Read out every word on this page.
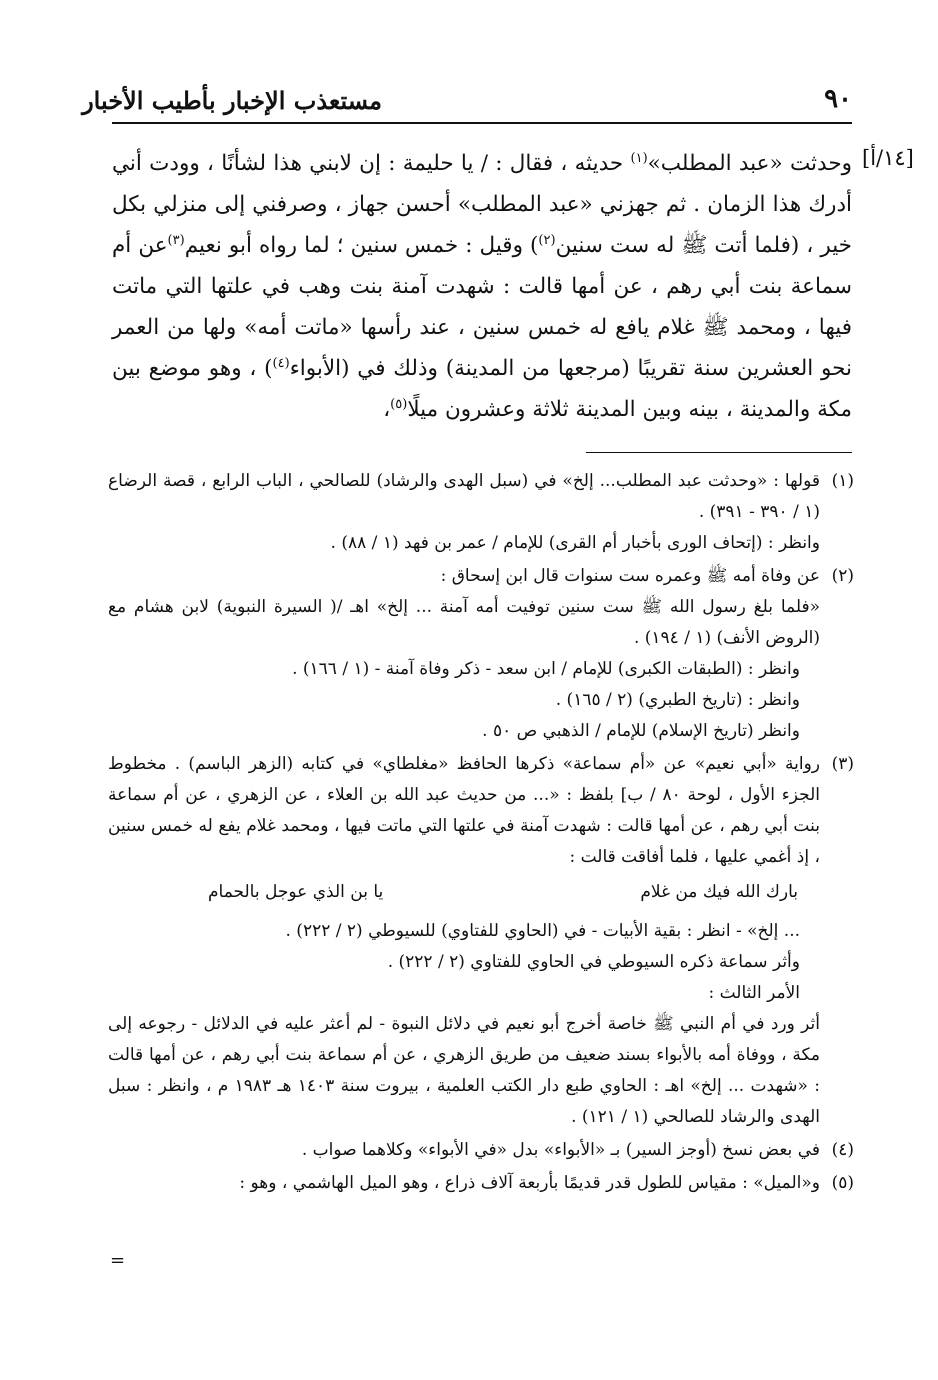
٩٠
مستعذب الإخبار بأطيب الأخبار
[١٤/أ]

وحدثت «عبد المطلب»$^{(١)}$ حديثه ، فقال : / يا حليمة : إن لابني هذا لشأنًا ، وودت أني أدرك هذا الزمان . ثم جهزني «عبد المطلب» أحسن جهاز ، وصرفني إلى منزلي بكل خير ، (فلما أتت ﷺ له ست سنين$^{(٢)}$) وقيل : خمس سنين ؛ لما رواه أبو نعيم$^{(٣)}$عن أم سماعة بنت أبي رهم ، عن أمها قالت : شهدت آمنة بنت وهب في علتها التي ماتت فيها ، ومحمد ﷺ غلام يافع له خمس سنين ، عند رأسها «ماتت أمه» ولها من العمر نحو العشرين سنة تقريبًا (مرجعها من المدينة) وذلك في (الأبواء$^{(٤)}$) ، وهو موضع بين مكة والمدينة ، بينه وبين المدينة ثلاثة وعشرون ميلًا$^{(٥)}$،

(١)

قولها : «وحدثت عبد المطلب... إلخ» في (سبل الهدى والرشاد) للصالحي ، الباب الرابع ، قصة الرضاع (١ / ٣٩٠ - ٣٩١) .

وانظر : (إتحاف الورى بأخبار أم القرى) للإمام / عمر بن فهد (١ / ٨٨) .

(٢)

عن وفاة أمه ﷺ وعمره ست سنوات قال ابن إسحاق :

«فلما بلغ رسول الله ﷺ ست سنين توفيت أمه آمنة ... إلخ» اهـ /( السيرة النبوية) لابن هشام مع (الروض الأنف) (١ / ١٩٤) .

وانظر : (الطبقات الكبرى) للإمام / ابن سعد - ذكر وفاة آمنة - (١ / ١٦٦) .

وانظر : (تاريخ الطبري) (٢ / ١٦٥) .

وانظر (تاريخ الإسلام) للإمام / الذهبي ص ٥٠ .

(٣)

رواية «أبي نعيم» عن «أم سماعة» ذكرها الحافظ «مغلطاي» في كتابه (الزهر الباسم) . مخطوط الجزء الأول ، لوحة ٨٠ / ب] بلفظ : «... من حديث عبد الله بن العلاء ، عن الزهري ، عن أم سماعة بنت أبي رهم ، عن أمها قالت : شهدت آمنة في علتها التي ماتت فيها ، ومحمد غلام يفع له خمس سنين ، إذ أغمي عليها ، فلما أفاقت قالت :

بارك الله فيك من غلام
يا بن الذي عوجل بالحمام

... إلخ» - انظر : بقية الأبيات - في (الحاوي للفتاوي) للسيوطي (٢ / ٢٢٢) .

وأثر سماعة ذكره السيوطي في الحاوي للفتاوي (٢ / ٢٢٢) .

الأمر الثالث :

أثر ورد في أم النبي ﷺ خاصة أخرج أبو نعيم في دلائل النبوة - لم أعثر عليه في الدلائل - رجوعه إلى مكة ، ووفاة أمه بالأبواء بسند ضعيف من طريق الزهري ، عن أم سماعة بنت أبي رهم ، عن أمها قالت : «شهدت ... إلخ» اهـ : الحاوي طبع دار الكتب العلمية ، بيروت سنة ١٤٠٣ هـ ١٩٨٣ م ، وانظر : سبل الهدى والرشاد للصالحي (١ / ١٢١) .

(٤)

في بعض نسخ (أوجز السير) بـ «الأبواء» بدل «في الأبواء» وكلاهما صواب .

(٥)

و«الميل» : مقياس للطول قدر قديمًا بأربعة آلاف ذراع ، وهو الميل الهاشمي ، وهو :

=
